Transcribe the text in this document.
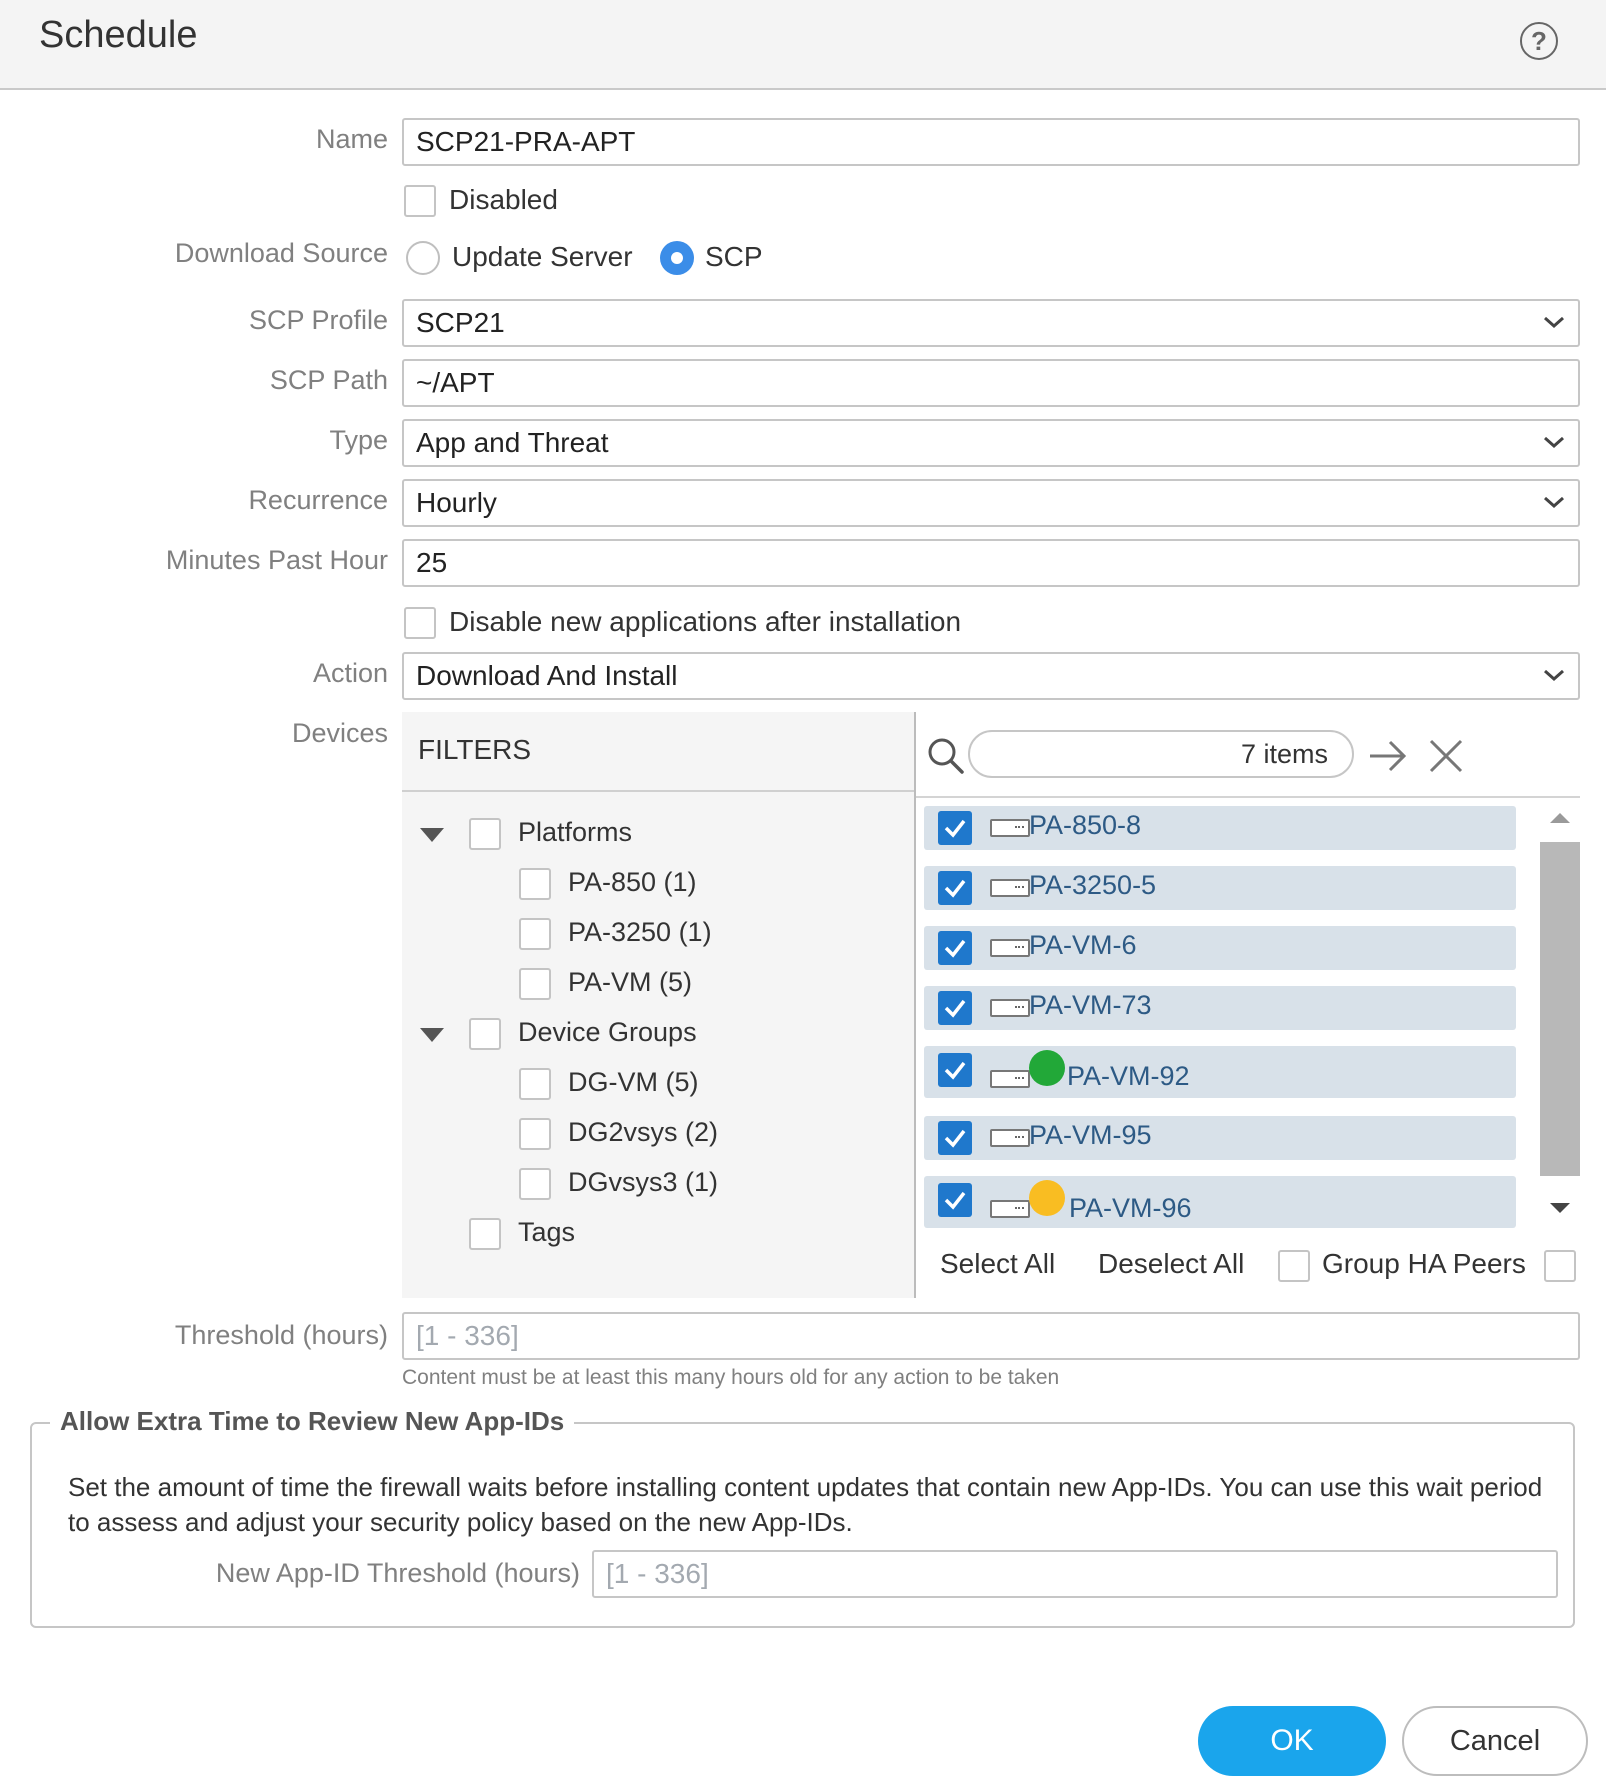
Schedule	?
Name	SCP21-PRA-APT
Disabled
Download Source Update Server	SCP
SCP Profile	SCP21
SCP Path	~/APT
Type	App and Threat
Recurrence	Hourly
Minutes Past Hour	25
Disable new applications after installation
Action	Download And Install
Devices
FILTERS
Platforms
PA-850 (1)
PA-3250 (1)
PA-VM (5)
Device Groups
DG-VM (5)
DG2vsys (2)
DGvsys3 (1)
Tags
7 items
PA-850-8
PA-3250-5
PA-VM-6
PA-VM-73
PA-VM-92
PA-VM-95
PA-VM-96
Select All Deselect All	Group HA Peers
Threshold (hours)	[1 - 336]
Content must be at least this many hours old for any action to be taken
Allow Extra Time to Review New App-IDs
Set the amount of time the firewall waits before installing content updates that contain new App-IDs. You can use this wait period to assess and adjust your security policy based on the new App-IDs.
New App-ID Threshold (hours) [1 - 336]
OK	Cancel
